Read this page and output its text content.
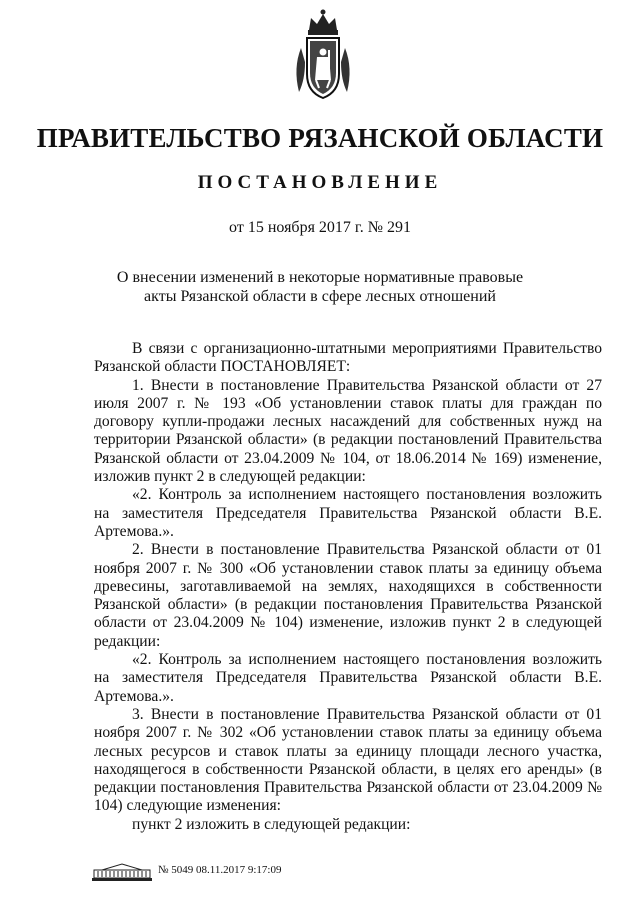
ПРАВИТЕЛЬСТВО РЯЗАНСКОЙ ОБЛАСТИ
ПОСТАНОВЛЕНИЕ
от 15 ноября 2017 г. № 291
О внесении изменений в некоторые нормативные правовые
акты Рязанской области в сфере лесных отношений

В связи с организационно-штатными мероприятиями Правительство Рязанской области ПОСТАНОВЛЯЕТ:

1. Внести в постановление Правительства Рязанской области от 27 июля 2007 г. № 193 «Об установлении ставок платы для граждан по договору купли-продажи лесных насаждений для собственных нужд на территории Рязанской области» (в редакции постановлений Правительства Рязанской области от 23.04.2009 № 104, от 18.06.2014 № 169) изменение, изложив пункт 2 в следующей редакции:

«2. Контроль за исполнением настоящего постановления возложить на заместителя Председателя Правительства Рязанской области В.Е. Артемова.».

2. Внести в постановление Правительства Рязанской области от 01 ноября 2007 г. № 300 «Об установлении ставок платы за единицу объема древесины, заготавливаемой на землях, находящихся в собственности Рязанской области» (в редакции постановления Правительства Рязанской области от 23.04.2009 № 104) изменение, изложив пункт 2 в следующей редакции:

«2. Контроль за исполнением настоящего постановления возложить на заместителя Председателя Правительства Рязанской области В.Е. Артемова.».

3. Внести в постановление Правительства Рязанской области от 01 ноября 2007 г. № 302 «Об установлении ставок платы за единицу объема лесных ресурсов и ставок платы за единицу площади лесного участка, находящегося в собственности Рязанской области, в целях его аренды» (в редакции постановления Правительства Рязанской области от 23.04.2009 № 104) следующие изменения:

пункт 2 изложить в следующей редакции:

№ 5049 08.11.2017 9:17:09
